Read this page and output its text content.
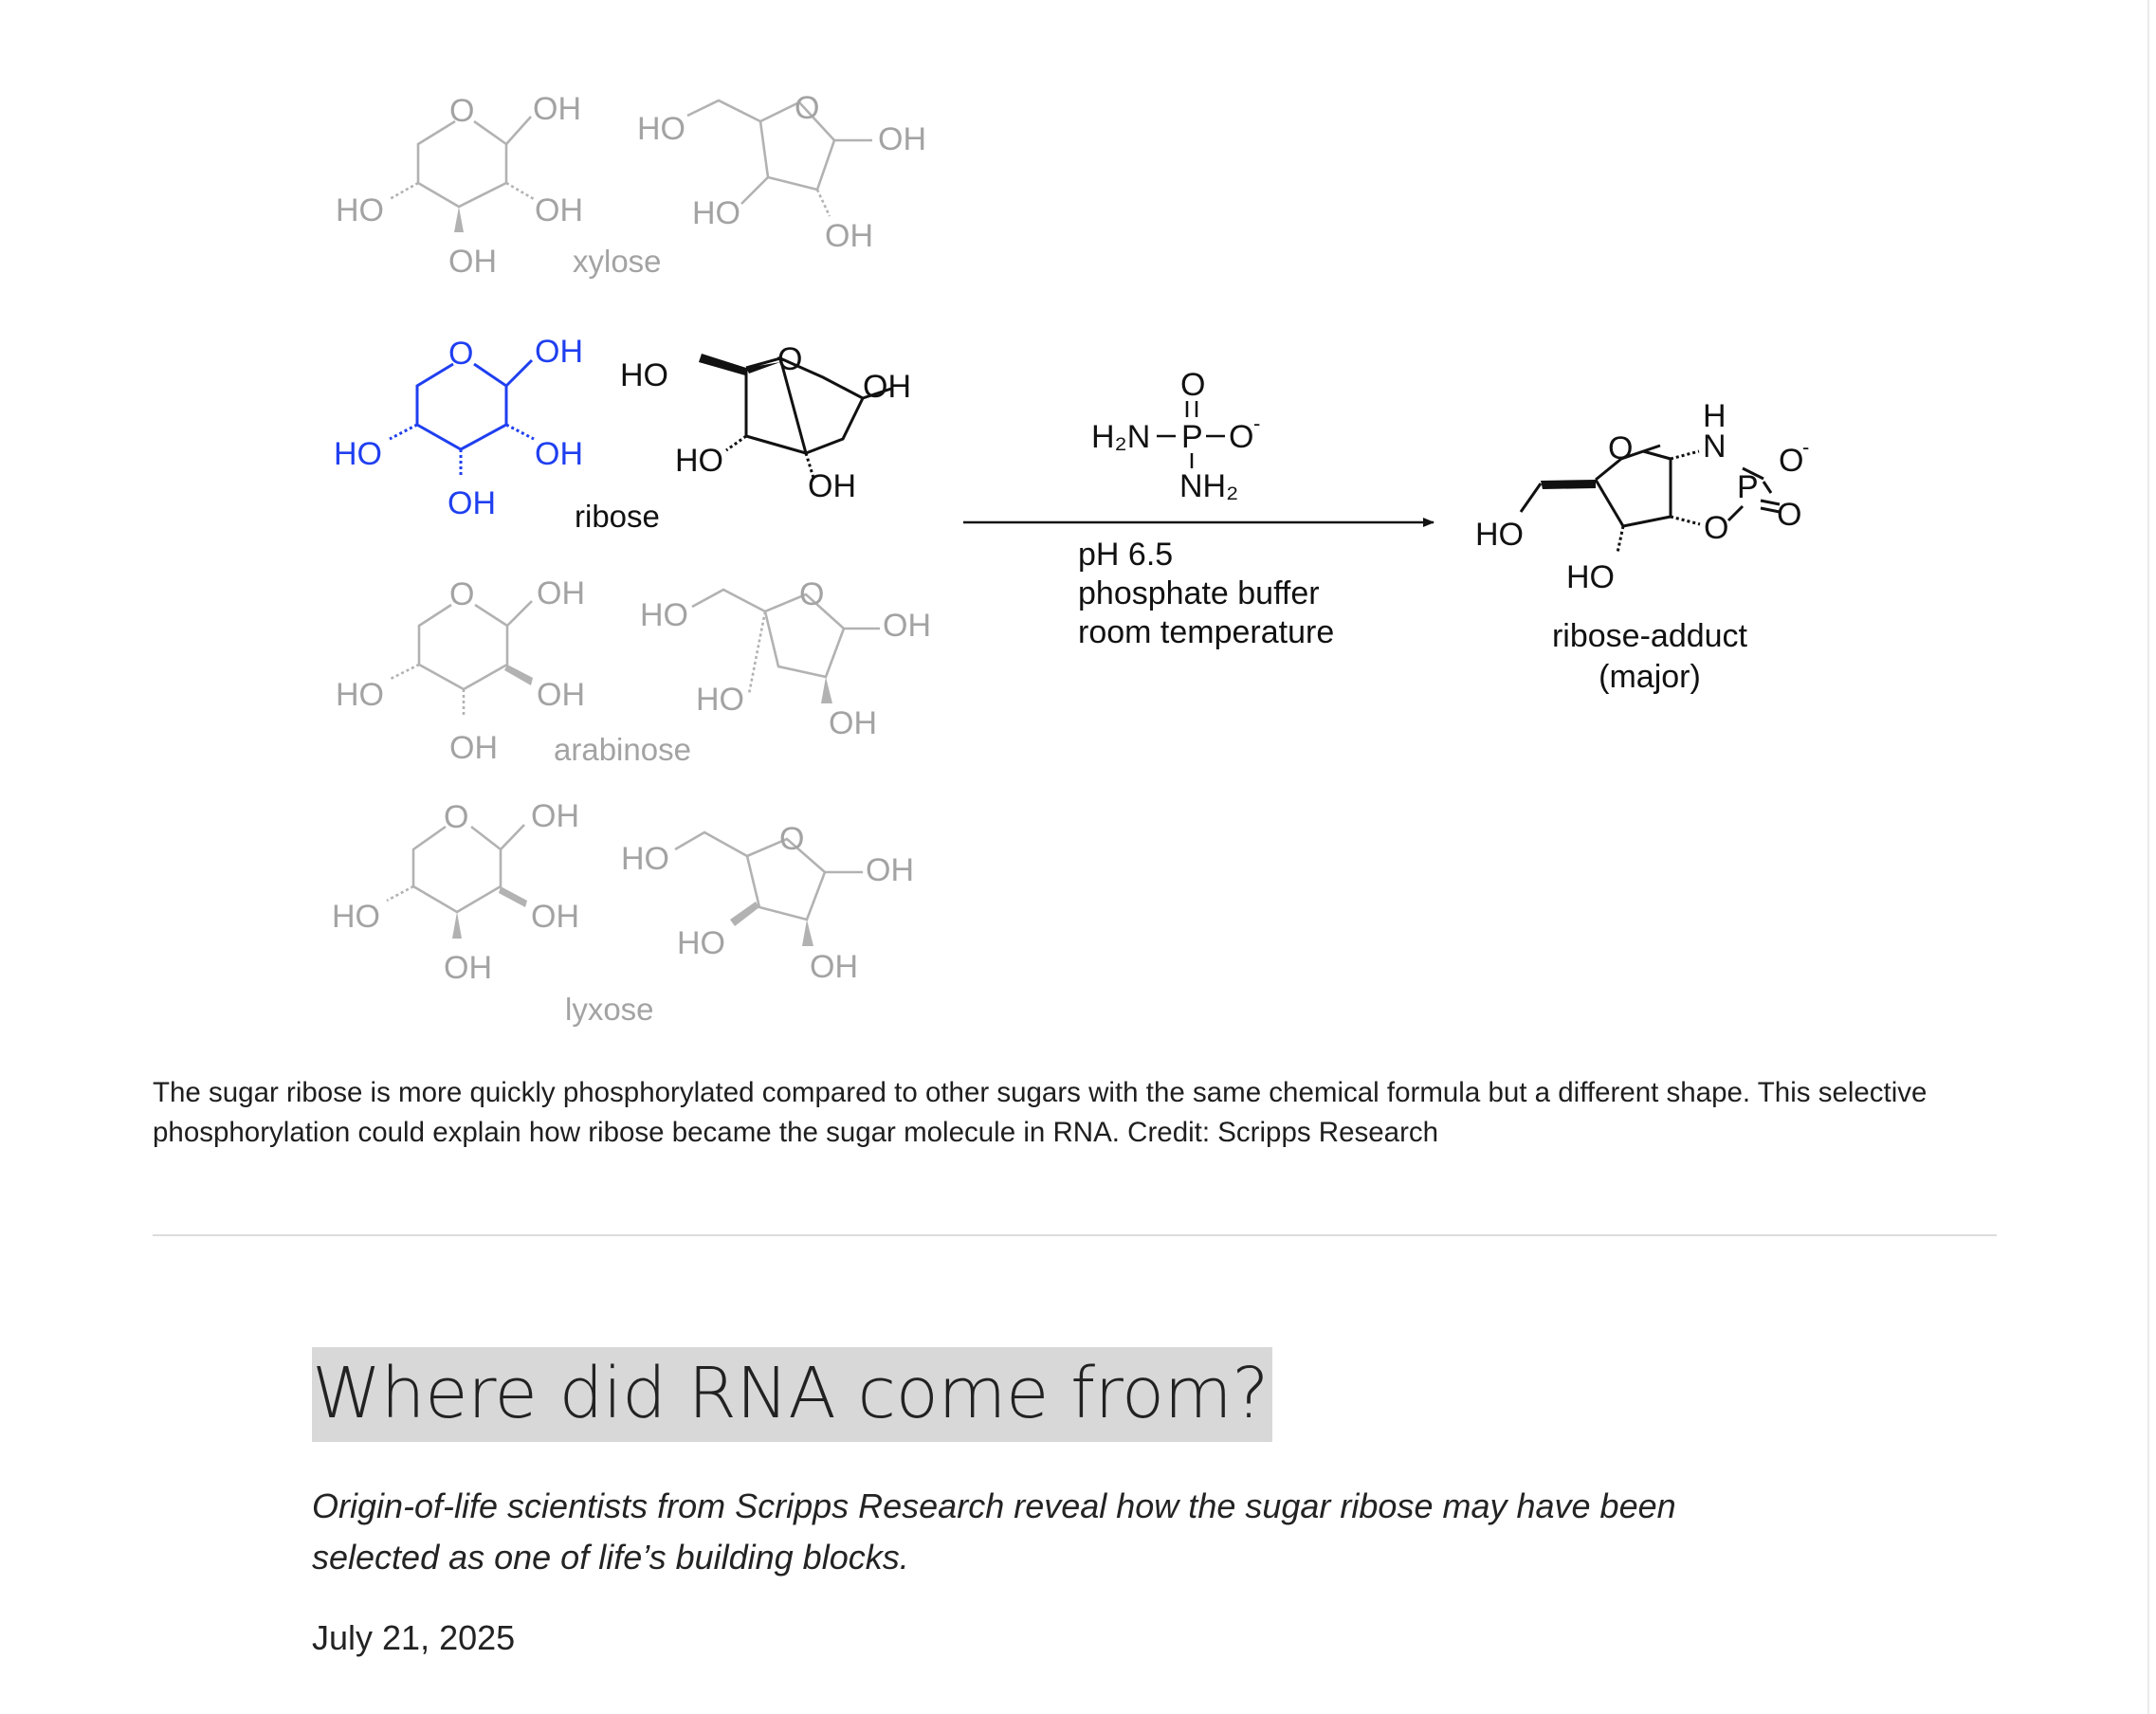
O OH
HO	OH
OH xylose
HO
O
OH
HO
OH
O OH
HO	OH
OH	ribose
HO	O
OH
HO
OH
O OH
HO	OH
OH arabinose
HO
O
OH
HO
OH
O OH
HO	OH
OH
lyxose
HO
O
OH
HO
OH
O
H₂N P O -
NH₂
pH 6.5
phosphate buffer
room temperature
HO
O
H
N
P
O
-
O
O
HO
ribose-adduct
(major)
The sugar ribose is more quickly phosphorylated compared to other sugars with the same chemical formula but a different shape. This selective phosphorylation could explain how ribose became the sugar molecule in RNA. Credit: Scripps Research
Where did RNA come from?
Origin-of-life scientists from Scripps Research reveal how the sugar ribose may have been selected as one of life’s building blocks.
July 21, 2025
